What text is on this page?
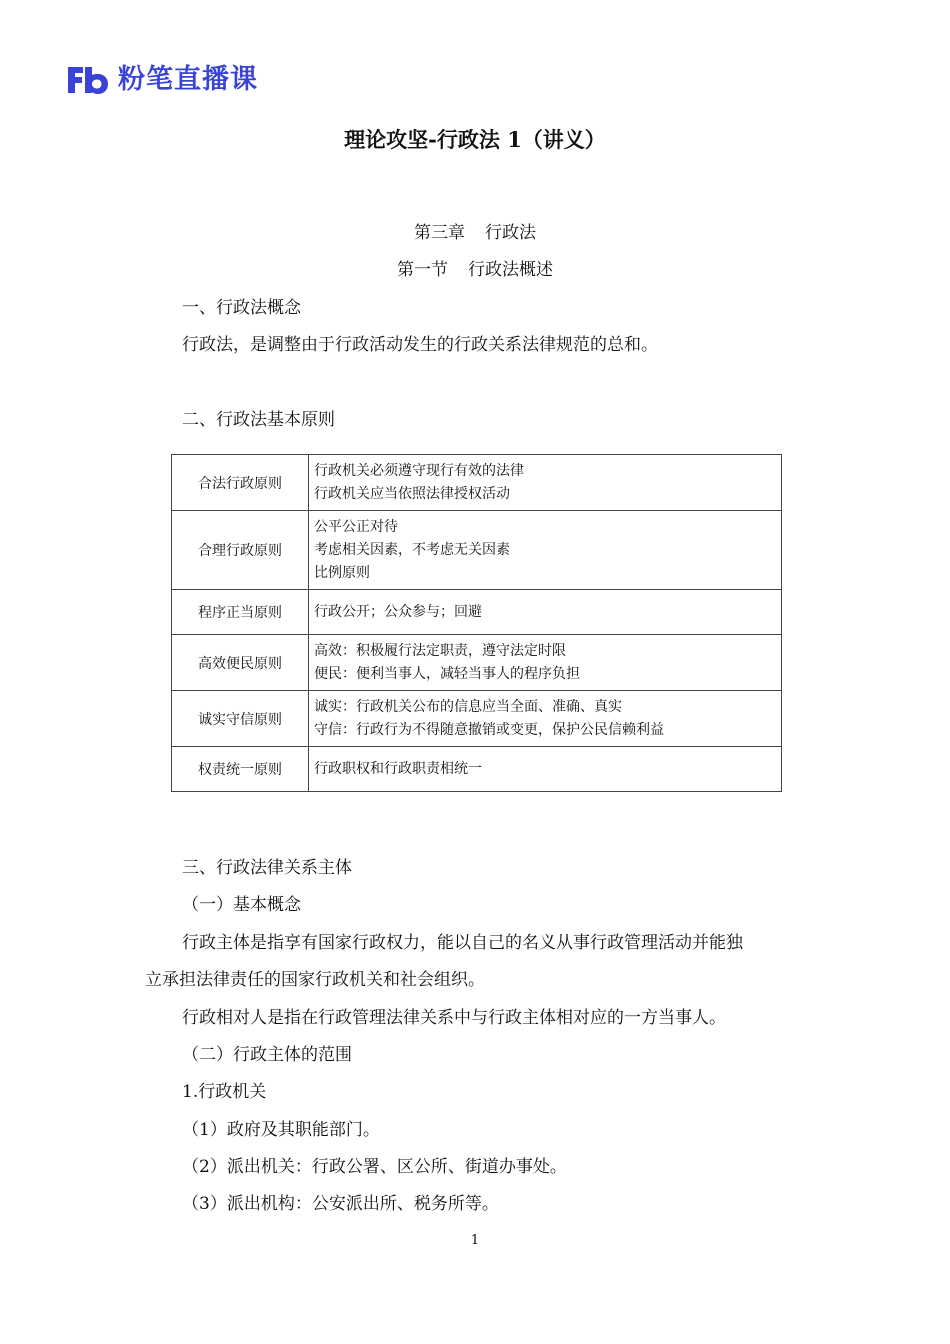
粉笔直播课
理论攻坚-行政法 1（讲义）
第三章 行政法
第一节 行政法概述
一、行政法概念
行政法，是调整由于行政活动发生的行政关系法律规范的总和。
二、行政法基本原则
合法行政原则	行政机关必须遵守现行有效的法律
行政机关应当依照法律授权活动

合理行政原则	公平公正对待
考虑相关因素，不考虑无关因素
比例原则

程序正当原则	行政公开；公众参与；回避

高效便民原则	高效：积极履行法定职责，遵守法定时限
便民：便利当事人，减轻当事人的程序负担

诚实守信原则	诚实：行政机关公布的信息应当全面、准确、真实
守信：行政行为不得随意撤销或变更，保护公民信赖利益

权责统一原则	行政职权和行政职责相统一
三、行政法律关系主体
（一）基本概念
行政主体是指享有国家行政权力，能以自己的名义从事行政管理活动并能独
立承担法律责任的国家行政机关和社会组织。
行政相对人是指在行政管理法律关系中与行政主体相对应的一方当事人。
（二）行政主体的范围
1.行政机关
（1）政府及其职能部门。
（2）派出机关：行政公署、区公所、街道办事处。
（3）派出机构：公安派出所、税务所等。
1
